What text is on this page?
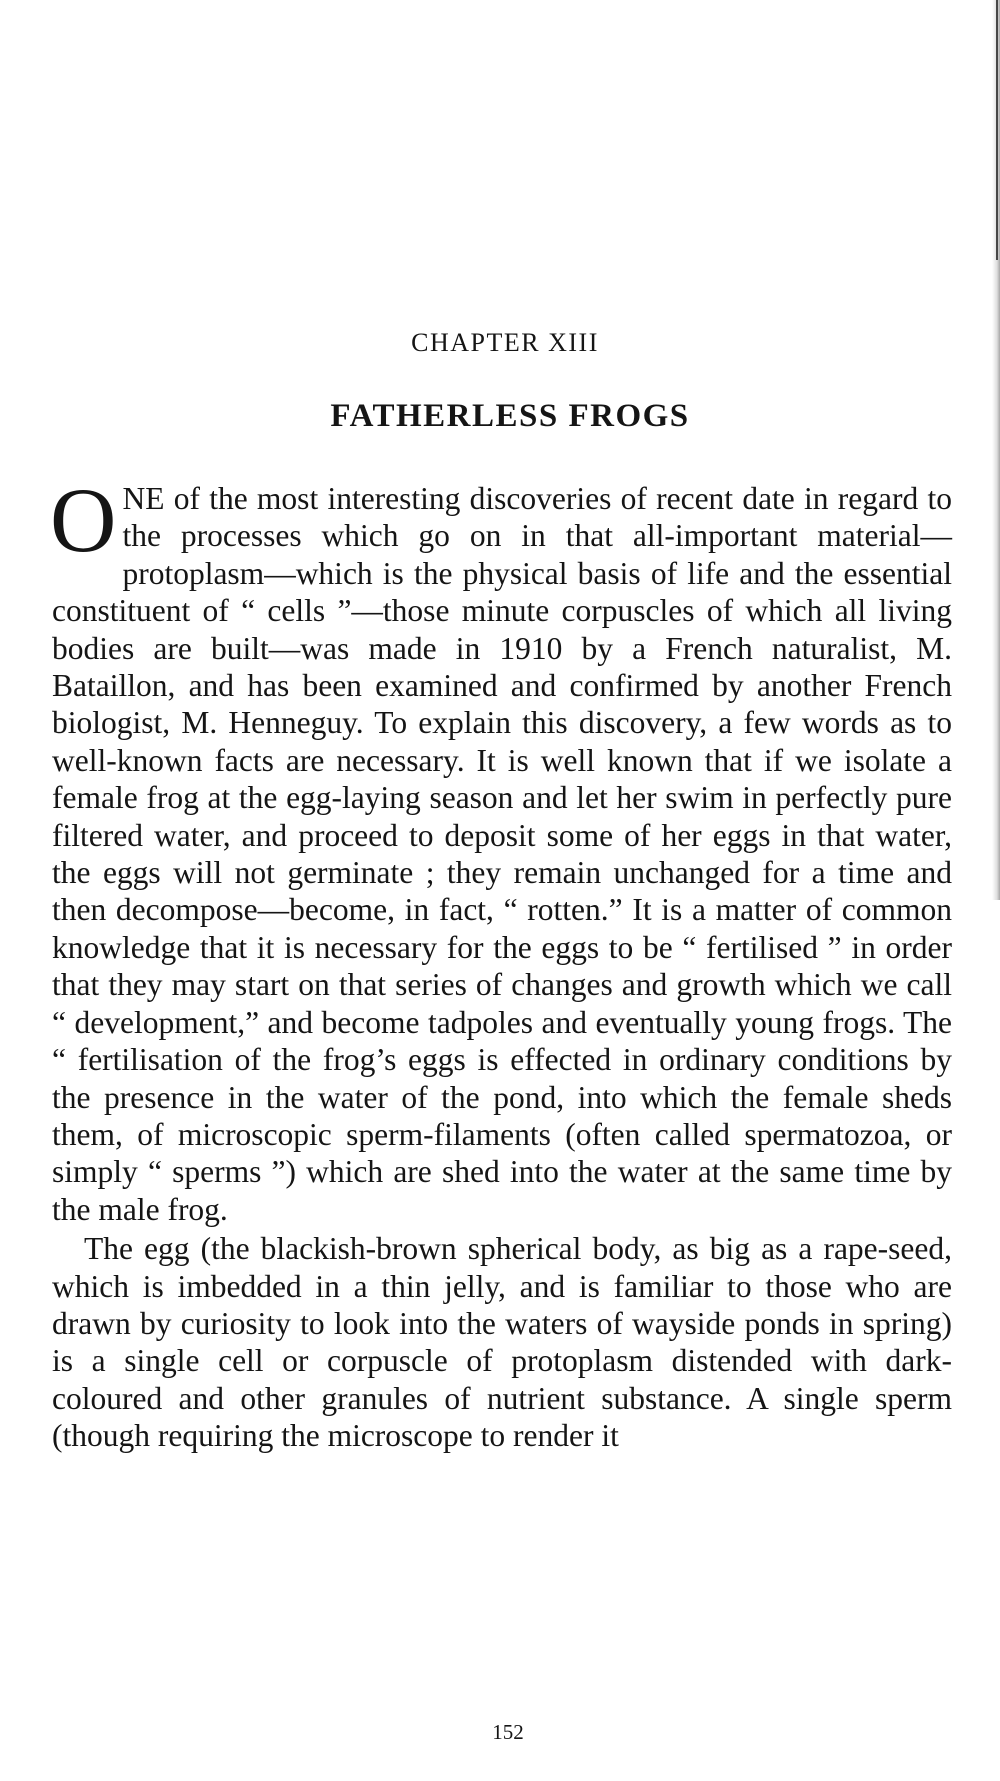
CHAPTER XIII
FATHERLESS FROGS

ONE of the most interesting discoveries of recent date in regard to the processes which go on in that all-important material—protoplasm—which is the physical basis of life and the essential constituent of “ cells ”—those minute corpuscles of which all living bodies are built—was made in 1910 by a French naturalist, M. Bataillon, and has been examined and confirmed by another French biologist, M. Henneguy. To explain this discovery, a few words as to well-known facts are necessary. It is well known that if we isolate a female frog at the egg-laying season and let her swim in perfectly pure filtered water, and proceed to deposit some of her eggs in that water, the eggs will not germinate ; they remain unchanged for a time and then decompose—become, in fact, “ rotten.” It is a matter of common knowledge that it is necessary for the eggs to be “ fertilised ” in order that they may start on that series of changes and growth which we call “ development,” and become tadpoles and eventually young frogs. The “ fertilisation of the frog’s eggs is effected in ordinary conditions by the presence in the water of the pond, into which the female sheds them, of microscopic sperm-filaments (often called spermatozoa, or simply “ sperms ”) which are shed into the water at the same time by the male frog.

The egg (the blackish-brown spherical body, as big as a rape-seed, which is imbedded in a thin jelly, and is familiar to those who are drawn by curiosity to look into the waters of wayside ponds in spring) is a single cell or corpuscle of protoplasm distended with dark-coloured and other granules of nutrient substance. A single sperm (though requiring the microscope to render it

152
